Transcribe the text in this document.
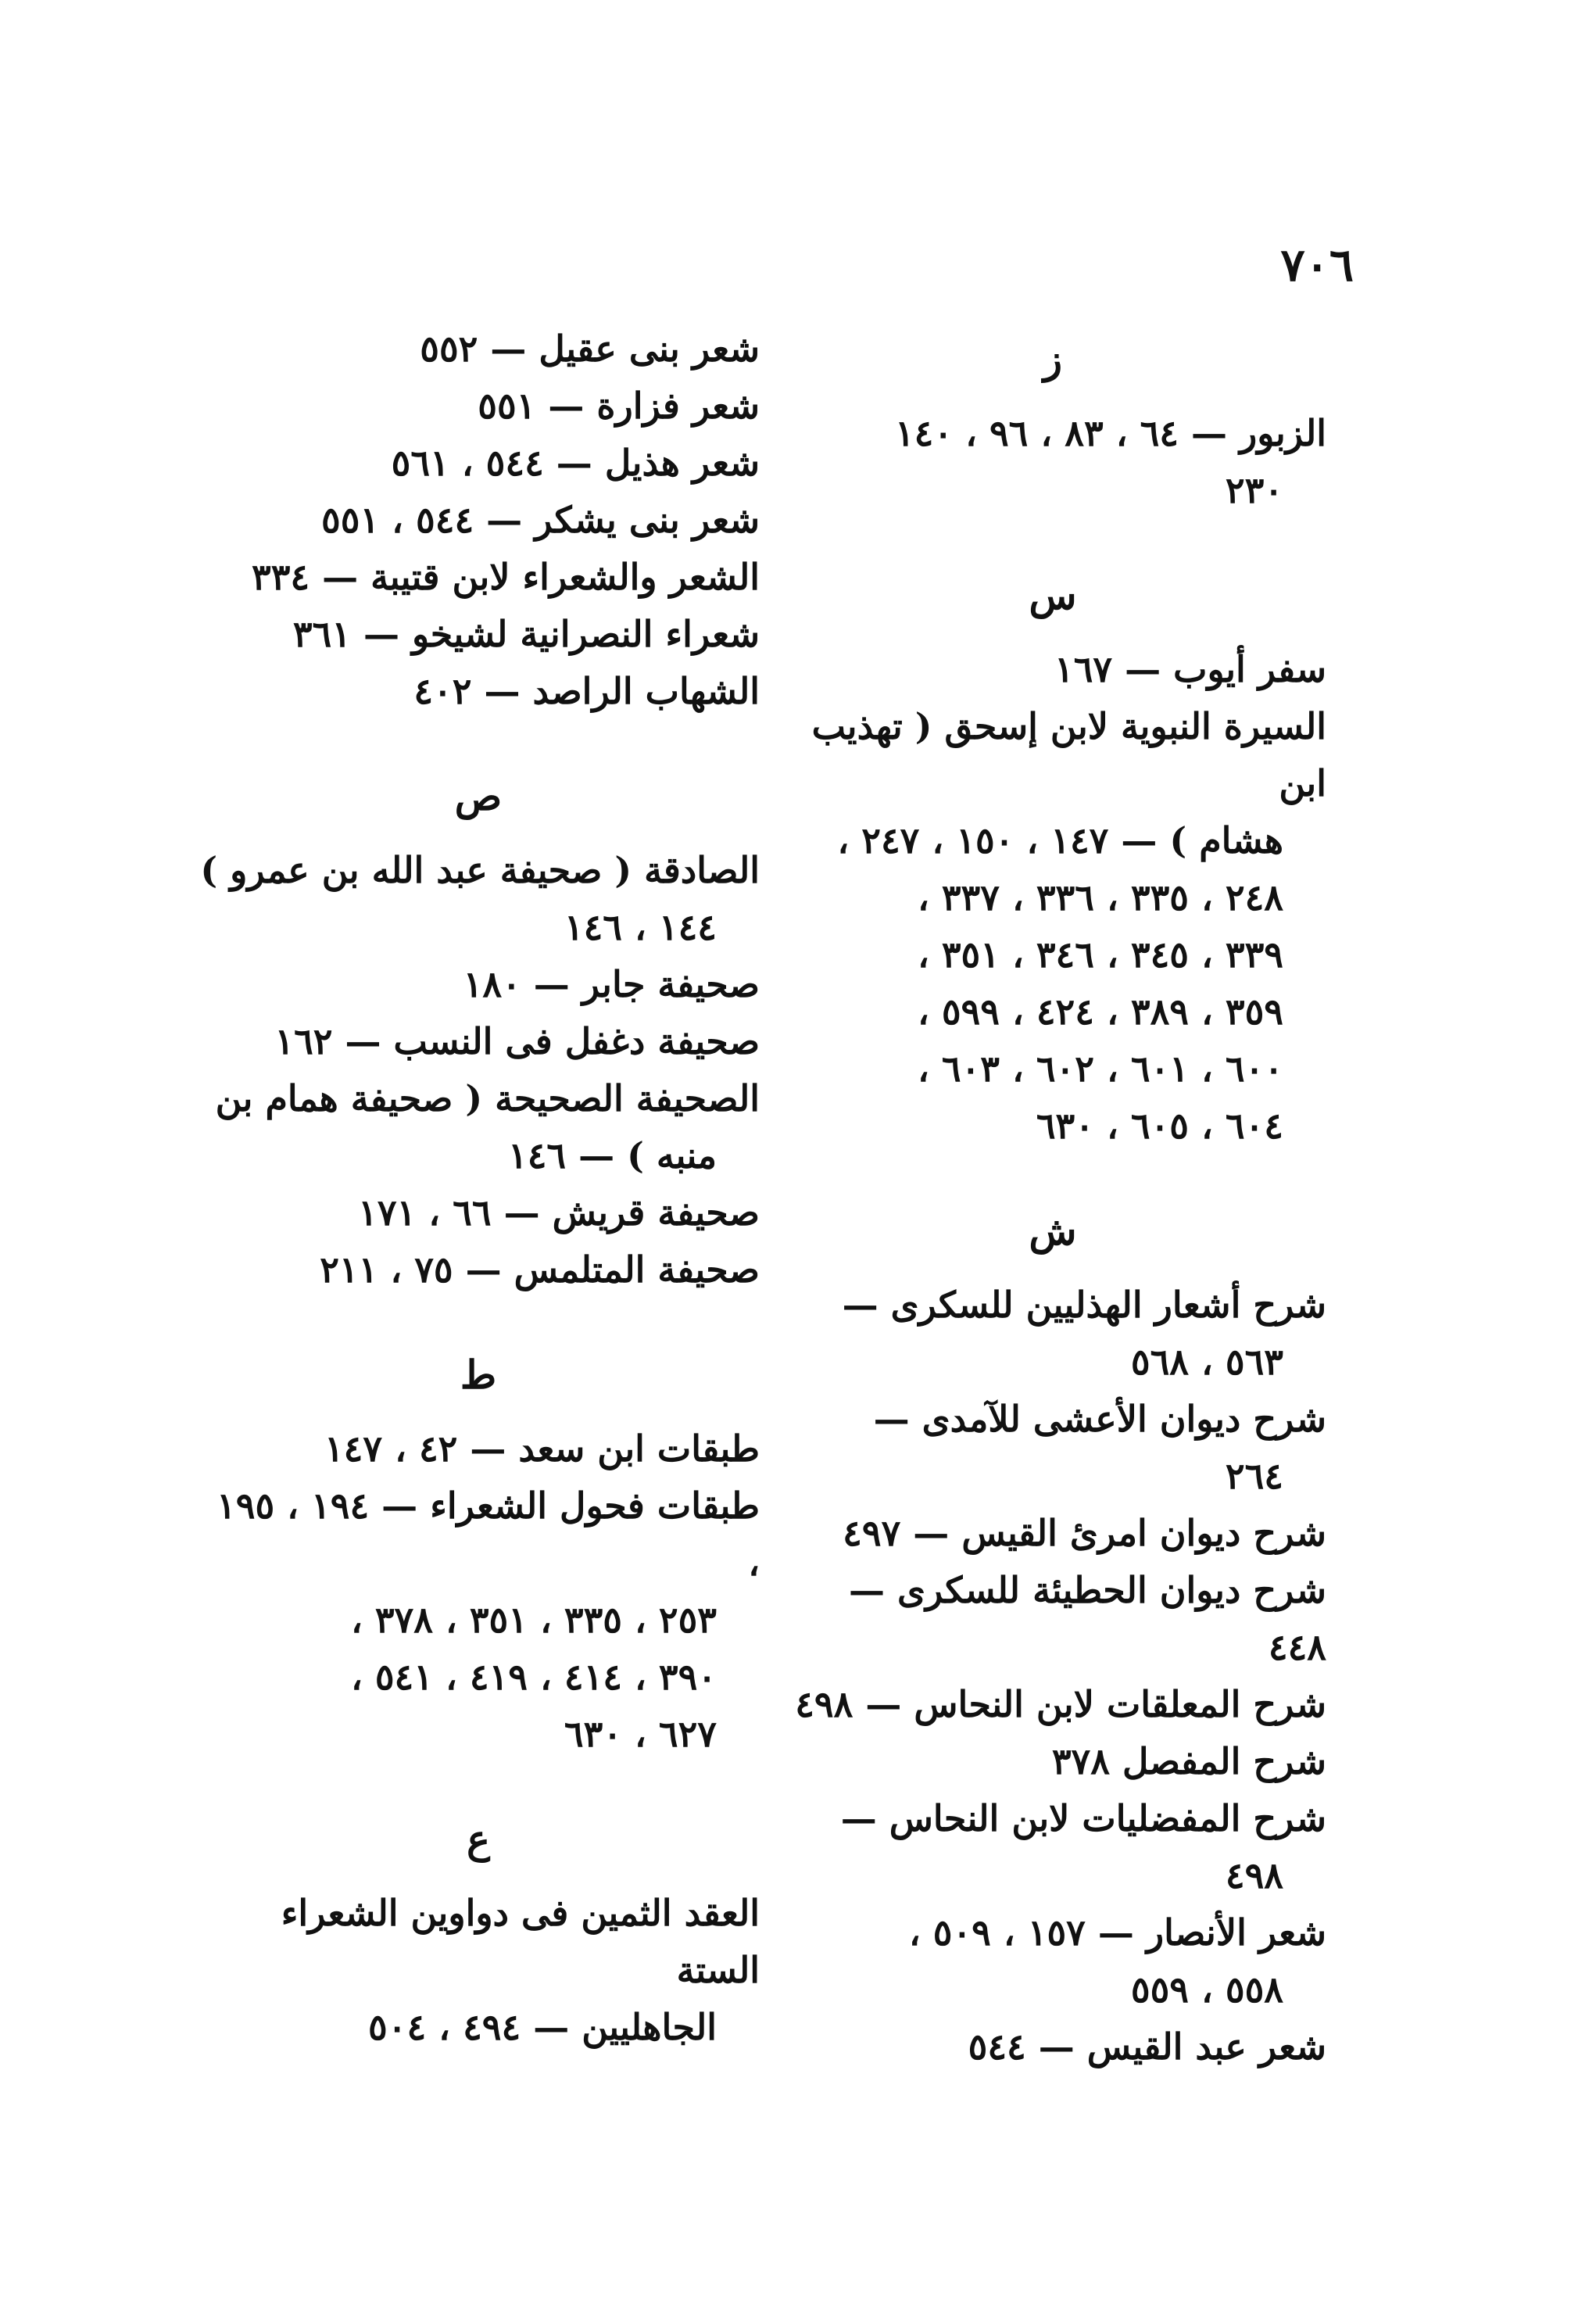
٧٠٦
ز
الزبور — ٦٤ ، ٨٣ ، ٩٦ ، ١٤٠
٢٣٠
س
سفر أيوب — ١٦٧
السيرة النبوية لابن إسحق ( تهذيب ابن
هشام ) — ١٤٧ ، ١٥٠ ، ٢٤٧ ،
٢٤٨ ، ٣٣٥ ، ٣٣٦ ، ٣٣٧ ،
٣٣٩ ، ٣٤٥ ، ٣٤٦ ، ٣٥١ ،
٣٥٩ ، ٣٨٩ ، ٤٢٤ ، ٥٩٩ ،
٦٠٠ ، ٦٠١ ، ٦٠٢ ، ٦٠٣ ،
٦٠٤ ، ٦٠٥ ، ٦٣٠
ش
شرح أشعار الهذليين للسكرى —
٥٦٣ ، ٥٦٨
شرح ديوان الأعشى للآمدى —
٢٦٤
شرح ديوان امرئ القيس — ٤٩٧
شرح ديوان الحطيئة للسكرى — ٤٤٨
شرح المعلقات لابن النحاس — ٤٩٨
شرح المفصل ٣٧٨
شرح المفضليات لابن النحاس —
٤٩٨
شعر الأنصار — ١٥٧ ، ٥٠٩ ،
٥٥٨ ، ٥٥٩
شعر عبد القيس — ٥٤٤
شعر بنى عقيل — ٥٥٢
شعر فزارة — ٥٥١
شعر هذيل — ٥٤٤ ، ٥٦١
شعر بنى يشكر — ٥٤٤ ، ٥٥١
الشعر والشعراء لابن قتيبة — ٣٣٤
شعراء النصرانية لشيخو — ٣٦١
الشهاب الراصد — ٤٠٢
ص
الصادقة ( صحيفة عبد الله بن عمرو )
١٤٤ ، ١٤٦
صحيفة جابر — ١٨٠
صحيفة دغفل فى النسب — ١٦٢
الصحيفة الصحيحة ( صحيفة همام بن
منبه ) — ١٤٦
صحيفة قريش — ٦٦ ، ١٧١
صحيفة المتلمس — ٧٥ ، ٢١١
ط
طبقات ابن سعد — ٤٢ ، ١٤٧
طبقات فحول الشعراء — ١٩٤ ، ١٩٥ ،
٢٥٣ ، ٣٣٥ ، ٣٥١ ، ٣٧٨ ،
٣٩٠ ، ٤١٤ ، ٤١٩ ، ٥٤١ ،
٦٢٧ ، ٦٣٠
ع
العقد الثمين فى دواوين الشعراء الستة
الجاهليين — ٤٩٤ ، ٥٠٤
